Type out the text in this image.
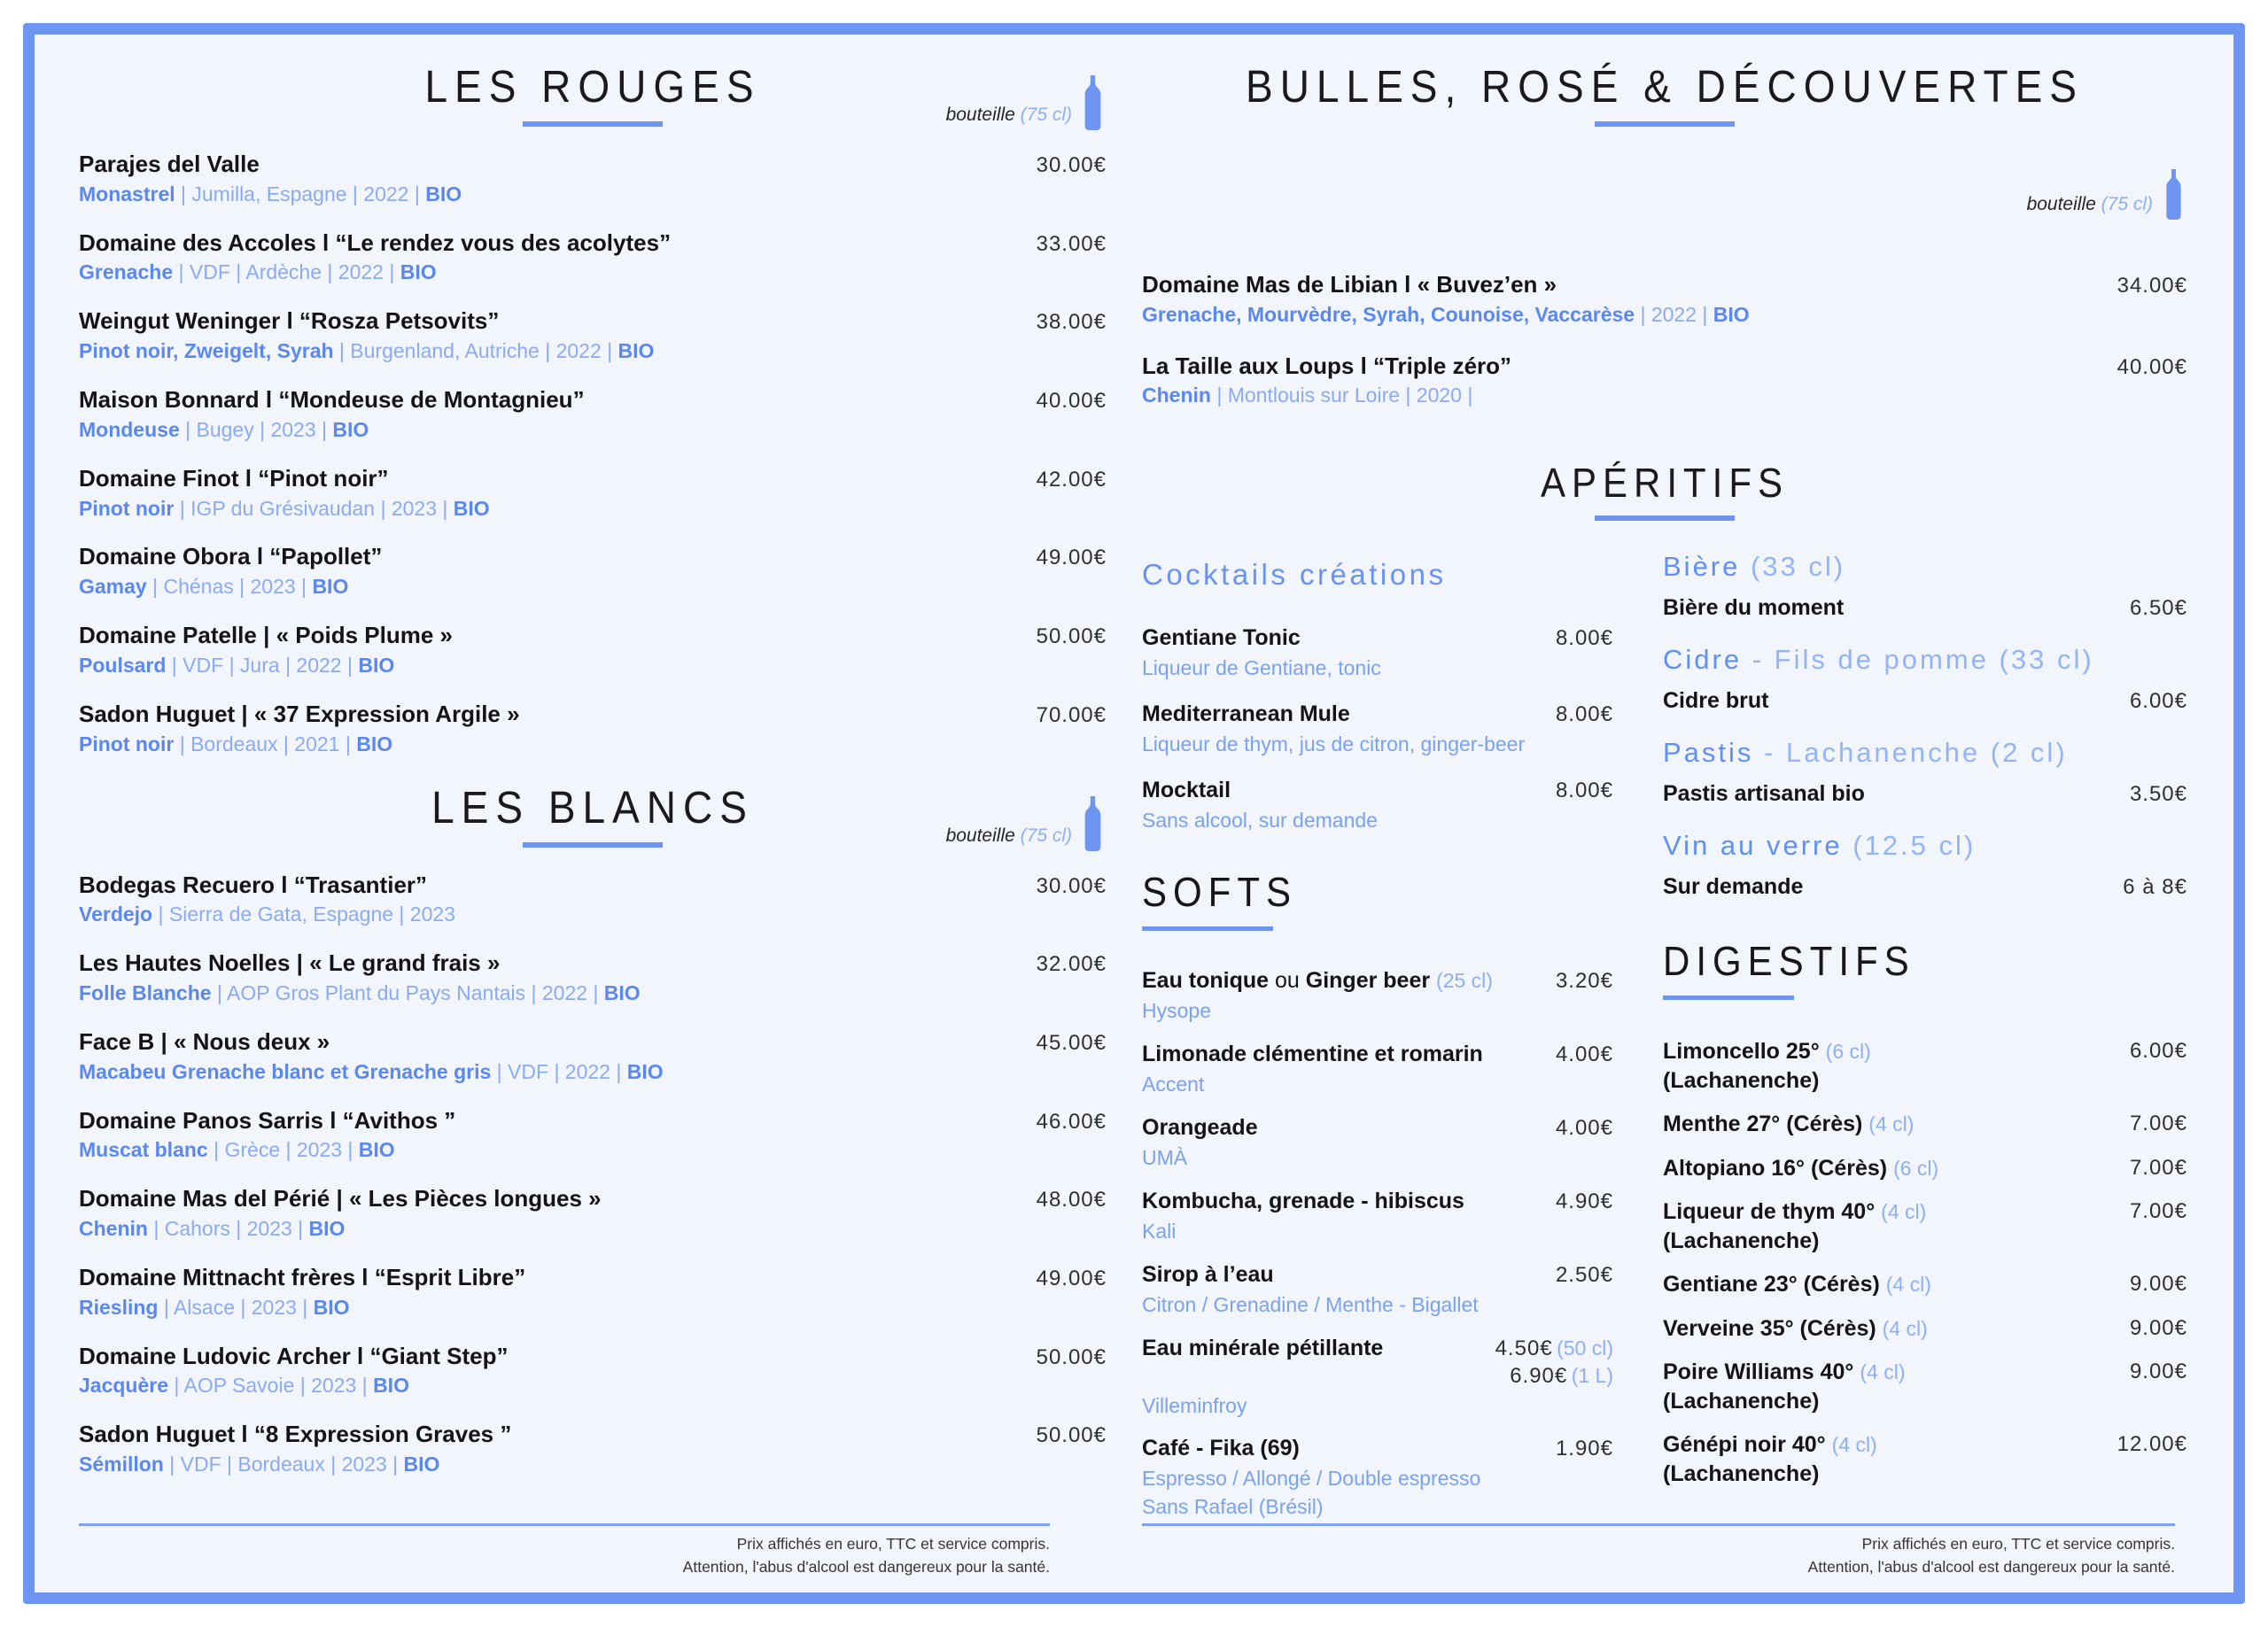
LES ROUGES
bouteille (75 cl)
Parajes del Valle
Monastrel | Jumilla, Espagne | 2022 | BIO
30.00€
Domaine des Accoles l “Le rendez vous des acolytes”
Grenache | VDF | Ardèche | 2022 | BIO
33.00€
Weingut Weninger l “Rosza Petsovits”
Pinot noir, Zweigelt, Syrah | Burgenland, Autriche | 2022 | BIO
38.00€
Maison Bonnard l “Mondeuse de Montagnieu”
Mondeuse | Bugey | 2023 | BIO
40.00€
Domaine Finot l “Pinot noir”
Pinot noir | IGP du Grésivaudan | 2023 | BIO
42.00€
Domaine Obora l “Papollet”
Gamay | Chénas | 2023 | BIO
49.00€
Domaine Patelle | « Poids Plume »
Poulsard | VDF | Jura | 2022 | BIO
50.00€
Sadon Huguet | « 37 Expression Argile »
Pinot noir | Bordeaux | 2021 | BIO
70.00€
LES BLANCS
bouteille (75 cl)
Bodegas Recuero l “Trasantier”
Verdejo | Sierra de Gata, Espagne | 2023
30.00€
Les Hautes Noelles | « Le grand frais »
Folle Blanche | AOP Gros Plant du Pays Nantais | 2022 | BIO
32.00€
Face B | « Nous deux »
Macabeu Grenache blanc et Grenache gris | VDF | 2022 | BIO
45.00€
Domaine Panos Sarris l “Avithos ”
Muscat blanc | Grèce | 2023 | BIO
46.00€
Domaine Mas del Périé | « Les Pièces longues »
Chenin | Cahors | 2023 | BIO
48.00€
Domaine Mittnacht frères l “Esprit Libre”
Riesling | Alsace | 2023 | BIO
49.00€
Domaine Ludovic Archer l “Giant Step”
Jacquère | AOP Savoie | 2023 | BIO
50.00€
Sadon Huguet l “8 Expression Graves ”
Sémillon | VDF | Bordeaux | 2023 | BIO
50.00€
Prix affichés en euro, TTC et service compris.
Attention, l'abus d'alcool est dangereux pour la santé.
BULLES, ROSÉ & DÉCOUVERTES
bouteille (75 cl)
Domaine Mas de Libian l « Buvez’en »
Grenache, Mourvèdre, Syrah, Counoise, Vaccarèse | 2022 | BIO
34.00€
La Taille aux Loups l “Triple zéro”
Chenin | Montlouis sur Loire | 2020 |
40.00€
APÉRITIFS
Cocktails créations
Gentiane Tonic	8.00€
Liqueur de Gentiane, tonic
Mediterranean Mule	8.00€
Liqueur de thym, jus de citron, ginger-beer
Mocktail	8.00€
Sans alcool, sur demande
SOFTS
Eau tonique ou Ginger beer (25 cl)	3.20€
Hysope
Limonade clémentine et romarin	4.00€
Accent
Orangeade	4.00€
UMÀ
Kombucha, grenade - hibiscus	4.90€
Kali
Sirop à l’eau	2.50€
Citron / Grenadine / Menthe - Bigallet
Eau minérale pétillante	4.50€ (50 cl)
6.90€ (1 L)
Villeminfroy
Café - Fika (69)	1.90€
Espresso / Allongé / Double espresso
Sans Rafael (Brésil)
Bière (33 cl)
Bière du moment	6.50€
Cidre - Fils de pomme (33 cl)
Cidre brut	6.00€
Pastis - Lachanenche (2 cl)
Pastis artisanal bio	3.50€
Vin au verre (12.5 cl)
Sur demande	6 à 8€
DIGESTIFS
Limoncello 25° (6 cl)
(Lachanenche)
6.00€
Menthe 27° (Cérès) (4 cl)	7.00€
Altopiano 16° (Cérès) (6 cl)	7.00€
Liqueur de thym 40° (4 cl)
(Lachanenche)
7.00€
Gentiane 23° (Cérès) (4 cl)	9.00€
Verveine 35° (Cérès) (4 cl)	9.00€
Poire Williams 40° (4 cl)
(Lachanenche)
9.00€
Génépi noir 40° (4 cl)
(Lachanenche)
12.00€
Prix affichés en euro, TTC et service compris.
Attention, l'abus d'alcool est dangereux pour la santé.
